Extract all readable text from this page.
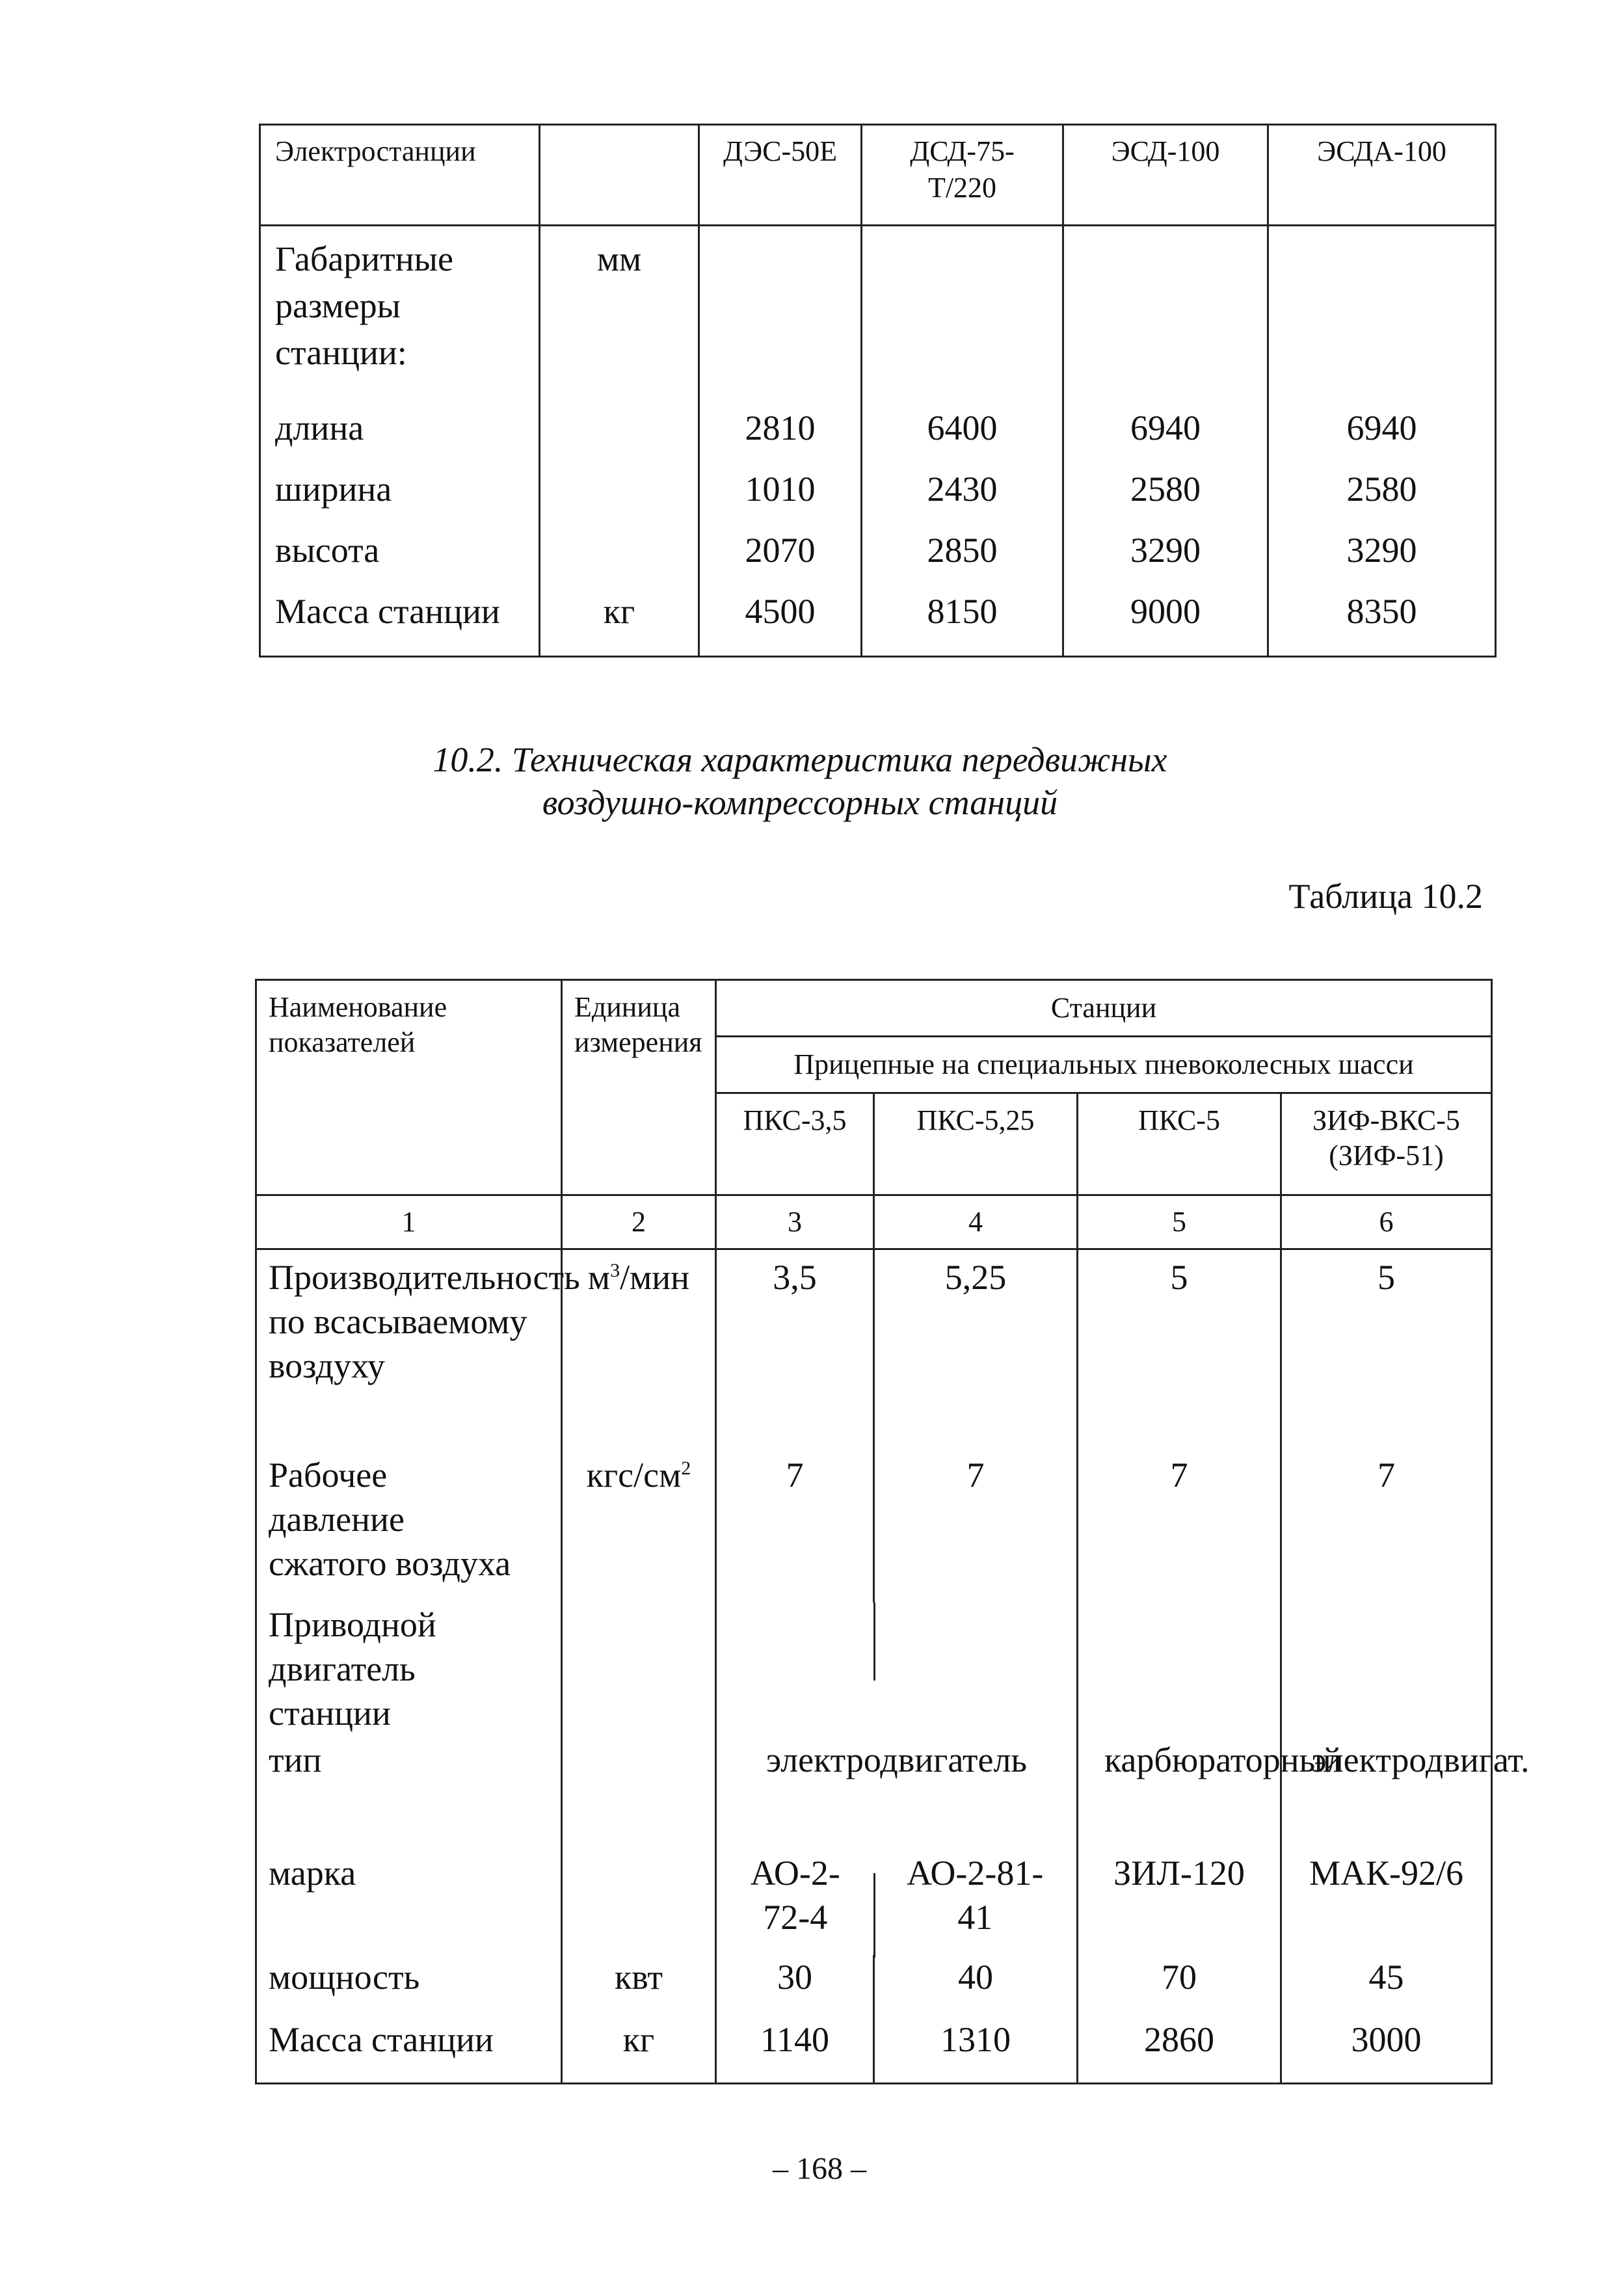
Электростанции		ДЭС-50Е	ДСД-75-Т/220	ЭСД-100	ЭСДА-100

Габаритные размеры станции:	мм				
длина		2810	6400	6940	6940
ширина		1010	2430	2580	2580
высота		2070	2850	3290	3290
Масса станции	кг	4500	8150	9000	8350
10.2. Техническая характеристика передвижных
воздушно-компрессорных станций
Таблица 10.2
Наименование показателей	Единица измерения	Станции			
		Прицепные на специальных пневоколесных шасси			
		ПКС-3,5	ПКС-5,25	ПКС-5	ЗИФ-ВКС-5 (ЗИФ-51)

1	2	3	4	5	6

Производительность по всасываемому воздуху	$м^3$/мин	3,5	5,25	5	5

Рабочее давление сжатого воздуха	кгс/$см^2$	7	7	7	7

Приводной двигатель станции					

тип		электродвигатель		карбюраторный	электродвигат.

марка		АО-2-72-4	АО-2-81-41	ЗИЛ-120	МАК-92/6
мощность	квт	30	40	70	45
Масса станции	кг	1140	1310	2860	3000
– 168 –
